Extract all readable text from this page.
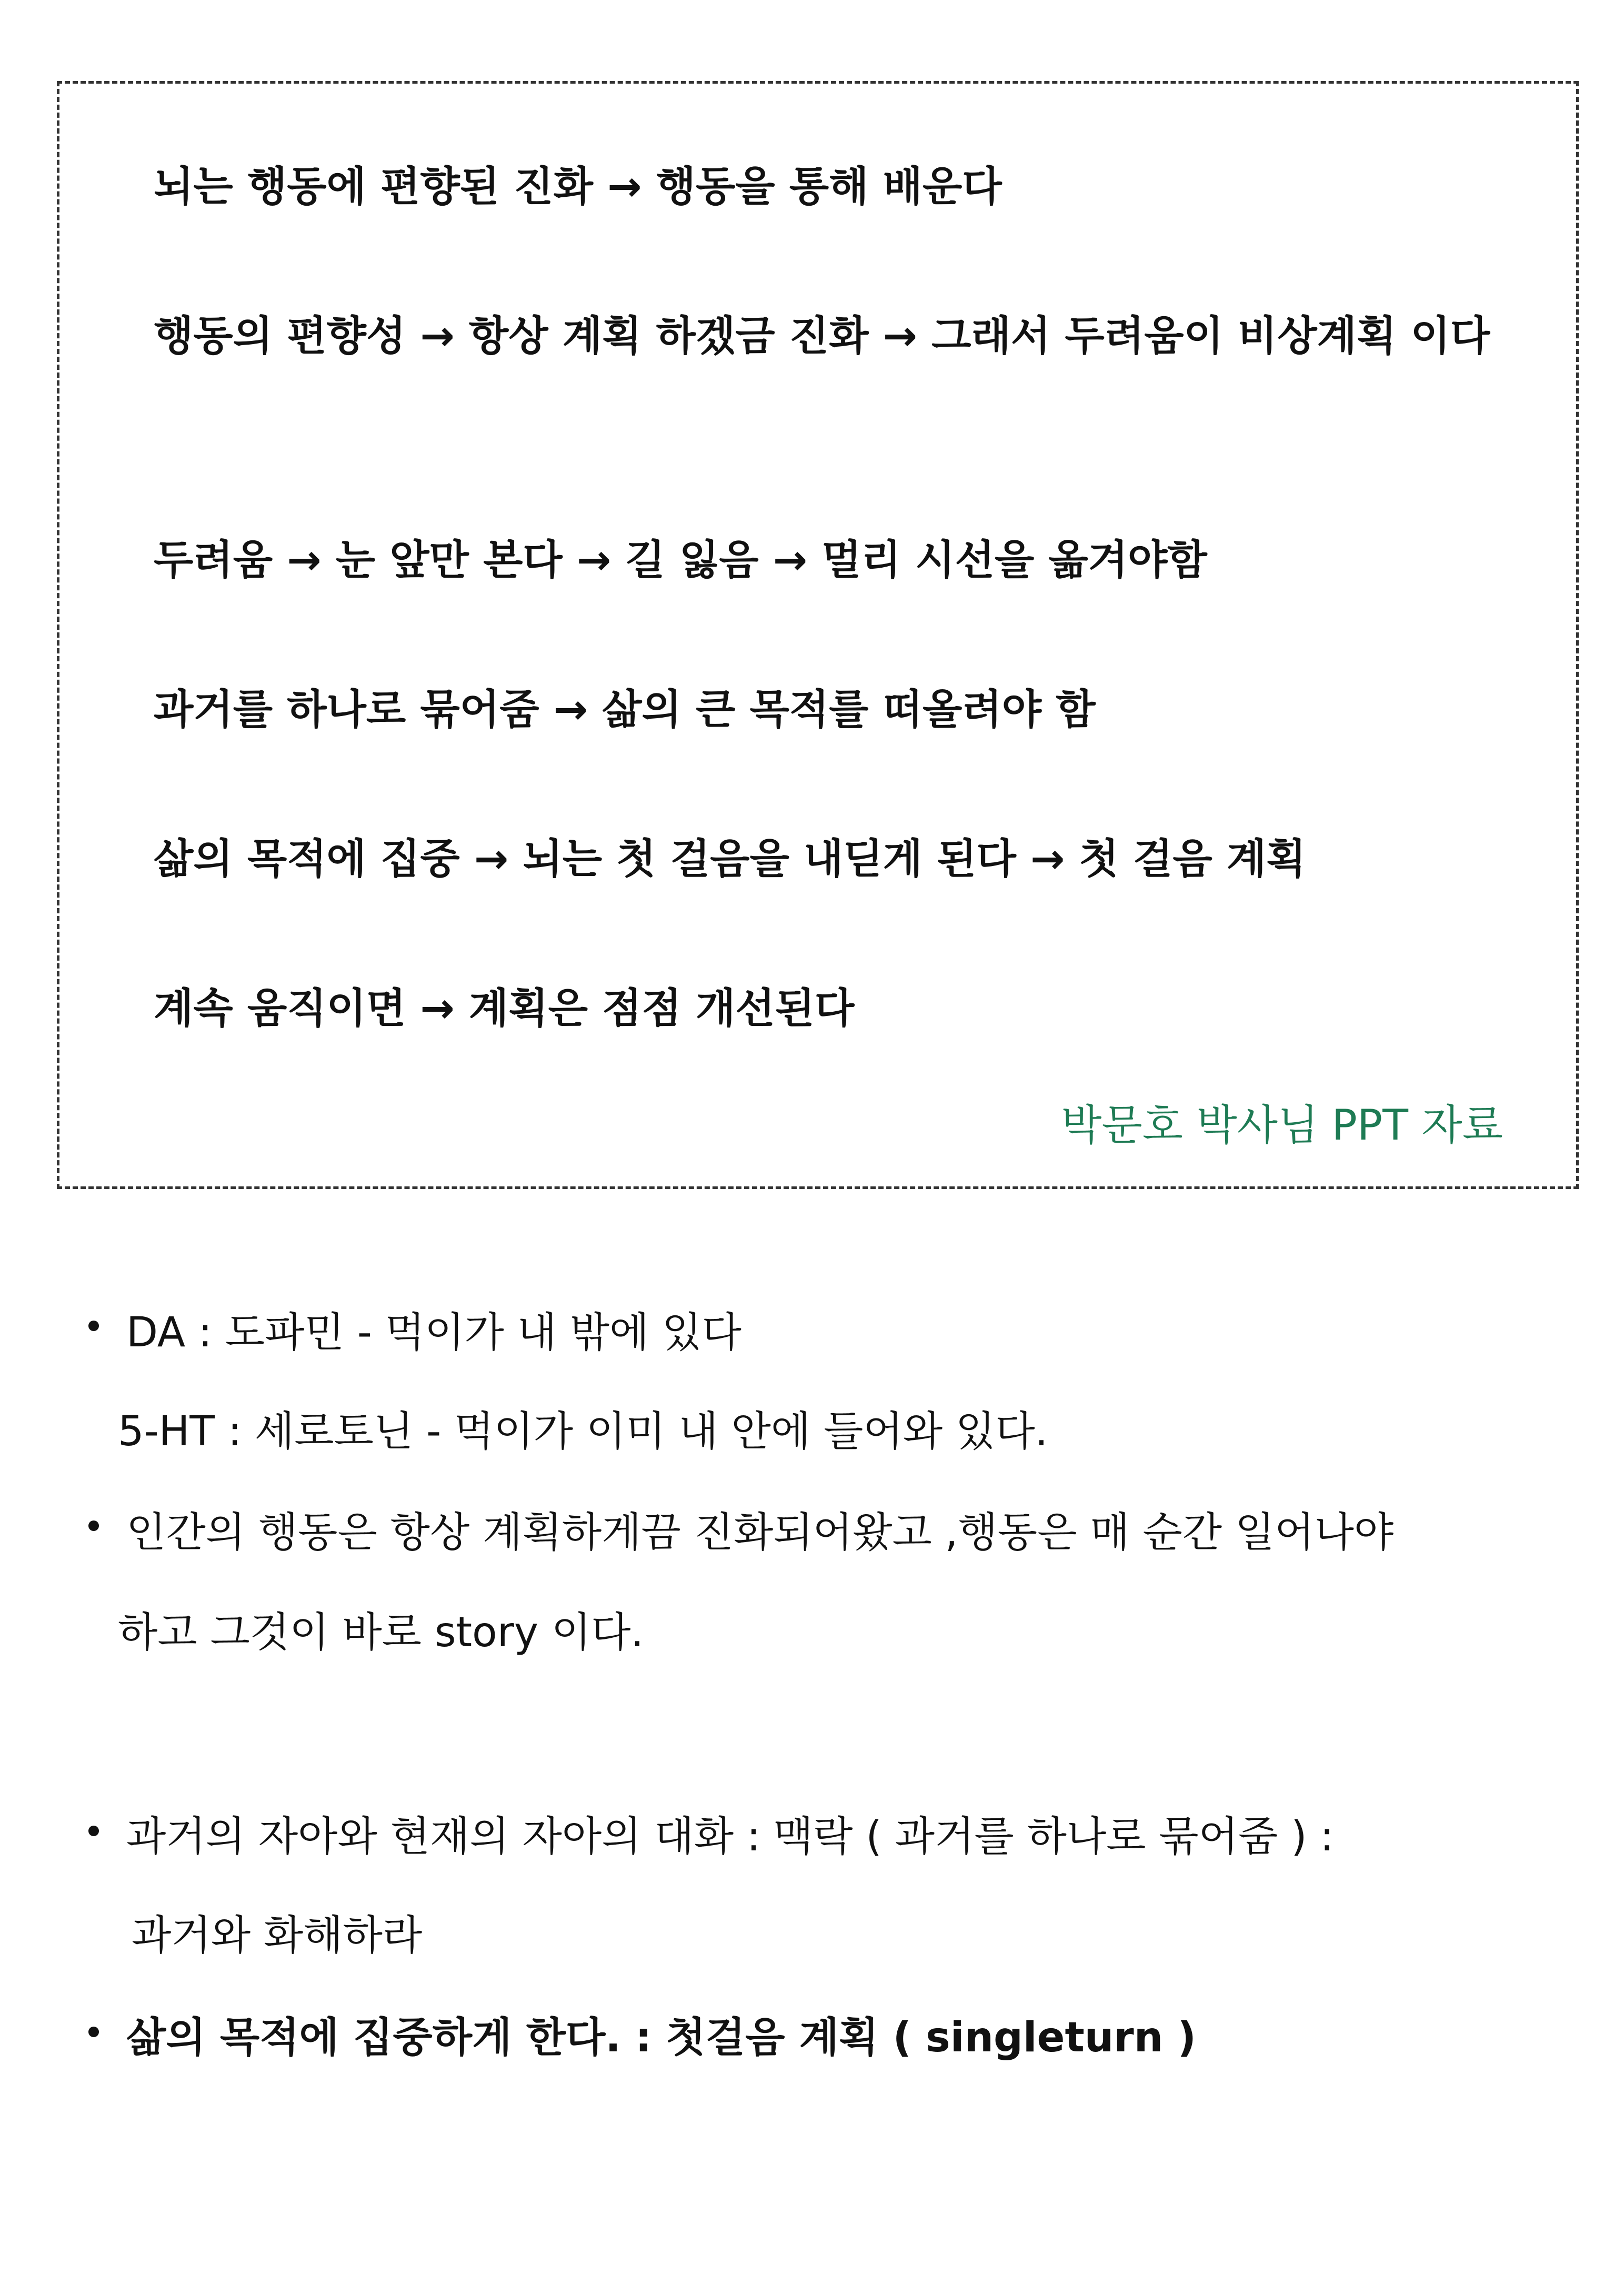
뇌는 행동에 편향된 진화 → 행동을 통해 배운다
행동의 편향성 → 항상 계획 하겠금 진화 → 그래서 두려움이 비상계획 이다
두려움 → 눈 앞만 본다 → 길 잃음 → 멀리 시선을 옮겨야함
과거를 하나로 묶어줌 → 삶의 큰 목적를 떠올려야 함
삶의 목적에 집중 → 뇌는 첫 걸음을 내딛게 된다 → 첫 걸음 계획
계속 움직이면 → 계획은 점점 개선된다
박문호 박사님 PPT 자료
DA : 도파민 - 먹이가 내 밖에 있다
5-HT : 세로토닌 - 먹이가 이미 내 안에 들어와 있다.
인간의 행동은 항상 계획하게끔 진화되어왔고 ,행동은 매 순간 일어나야
하고 그것이 바로 story 이다.
과거의 자아와 현재의 자아의 대화 : 맥락 ( 과거를 하나로 묶어줌 ) :
과거와 화해하라
삶의 목적에 집중하게 한다. : 첫걸음 계획 ( singleturn )
